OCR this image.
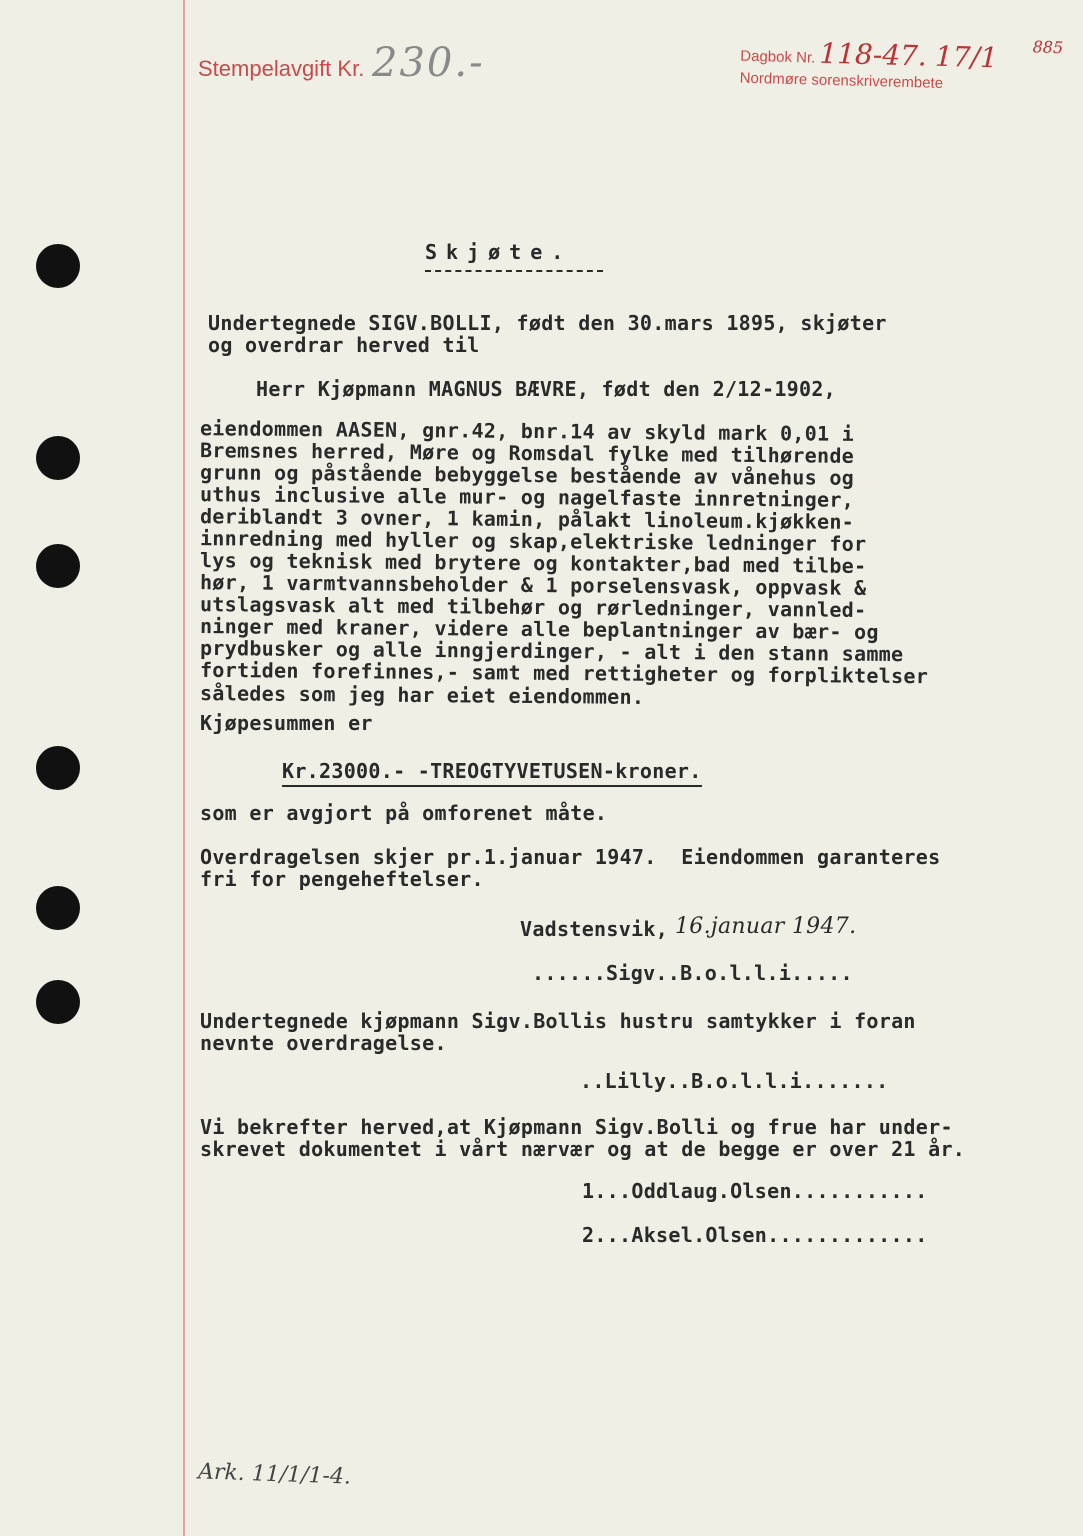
Stempelavgift Kr. 230.-	Dagbok Nr. 118-47. 17/1
Nordmøre sorenskriverembete
885
Skjøte.
Undertegnede SIGV.BOLLI, født den 30.mars 1895, skjøter
og overdrar herved til
Herr Kjøpmann MAGNUS BÆVRE, født den 2/12-1902,
eiendommen AASEN, gnr.42, bnr.14 av skyld mark 0,01 i
Bremsnes herred, Møre og Romsdal fylke med tilhørende
grunn og påstående bebyggelse bestående av vånehus og
uthus inclusive alle mur- og nagelfaste innretninger,
deriblandt 3 ovner, 1 kamin, pålakt linoleum.kjøkken-
innredning med hyller og skap,elektriske ledninger for
lys og teknisk med brytere og kontakter,bad med tilbe-
hør, 1 varmtvannsbeholder & 1 porselensvask, oppvask &
utslagsvask alt med tilbehør og rørledninger, vannled-
ninger med kraner, videre alle beplantninger av bær- og
prydbusker og alle inngjerdinger, - alt i den stann samme
fortiden forefinnes,- samt med rettigheter og forpliktelser
således som jeg har eiet eiendommen.
Kjøpesummen er
Kr.23000.- -TREOGTYVETUSEN-kroner.
som er avgjort på omforenet måte.
Overdragelsen skjer pr.1.januar 1947.  Eiendommen garanteres
fri for pengeheftelser.
Vadstensvik, 16.januar 1947.
......Sigv..B.o.l.l.i.....
Undertegnede kjøpmann Sigv.Bollis hustru samtykker i foran
nevnte overdragelse.
..Lilly..B.o.l.l.i.......
Vi bekrefter herved,at Kjøpmann Sigv.Bolli og frue har under-
skrevet dokumentet i vårt nærvær og at de begge er over 21 år.
1...Oddlaug.Olsen...........
2...Aksel.Olsen.............
Ark. 11/1/1-4.
